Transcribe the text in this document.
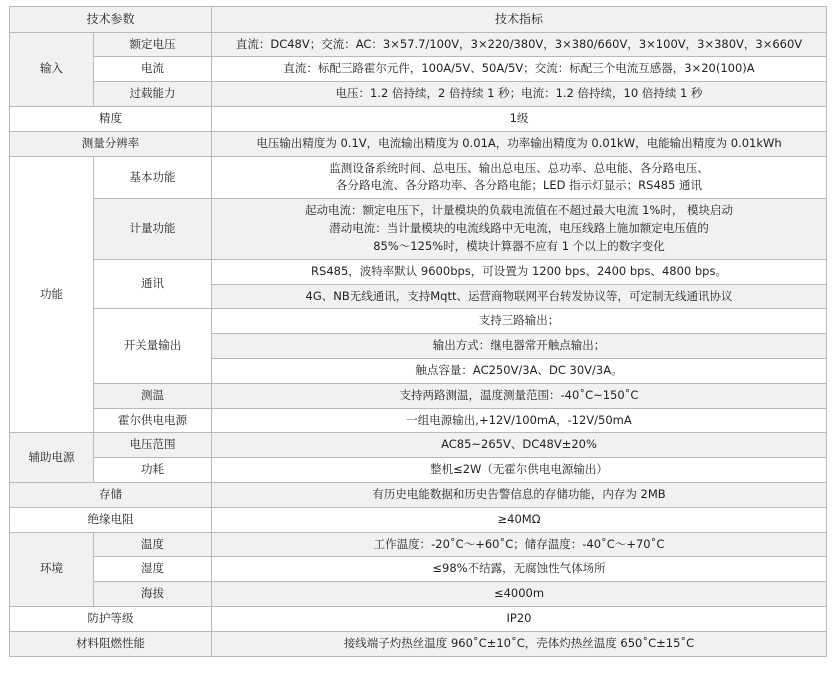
技术参数		技术指标
输入	额定电压	直流：DC48V；交流：AC：3×57.7/100V，3×220/380V，3×380/660V，3×100V，3×380V，3×660V
	电流	直流：标配三路霍尔元件，100A/5V、50A/5V；交流：标配三个电流互感器，3×20(100)A
	过载能力	电压：1.2 倍持续，2 倍持续 1 秒；电流：1.2 倍持续，10 倍持续 1 秒
精度		1级
测量分辨率		电压输出精度为 0.1V，电流输出精度为 0.01A，功率输出精度为 0.01kW，电能输出精度为 0.01kWh
功能	基本功能	监测设备系统时间、总电压、输出总电压、总功率、总电能、各分路电压、
各分路电流、各分路功率、各分路电能；LED 指示灯显示；RS485 通讯
	计量功能	起动电流：额定电压下，计量模块的负载电流值在不超过最大电流 1%时， 模块启动
潜动电流：当计量模块的电流线路中无电流，电压线路上施加额定电压值的
85%～125%时，模块计算器不应有 1 个以上的数字变化
	通讯	RS485，波特率默认 9600bps，可设置为 1200 bps、2400 bps、4800 bps。
		4G、NB无线通讯，支持Mqtt、运营商物联网平台转发协议等，可定制无线通讯协议
	开关量输出	支持三路输出；
		输出方式：继电器常开触点输出；
		触点容量：AC250V/3A、DC 30V/3A。
	测温	支持两路测温，温度测量范围：-40˚C~150˚C
	霍尔供电电源	一组电源输出,+12V/100mA，-12V/50mA
辅助电源	电压范围	AC85~265V、DC48V±20%
	功耗	整机≤2W（无霍尔供电电源输出）
存储		有历史电能数据和历史告警信息的存储功能，内存为 2MB
绝缘电阻		≥40MΩ
环境	温度	工作温度：-20˚C～+60˚C；储存温度：-40˚C～+70˚C
	湿度	≤98%不结露，无腐蚀性气体场所
	海拔	≤4000m
防护等级		IP20
材料阻燃性能		接线端子灼热丝温度 960˚C±10˚C，壳体灼热丝温度 650˚C±15˚C
